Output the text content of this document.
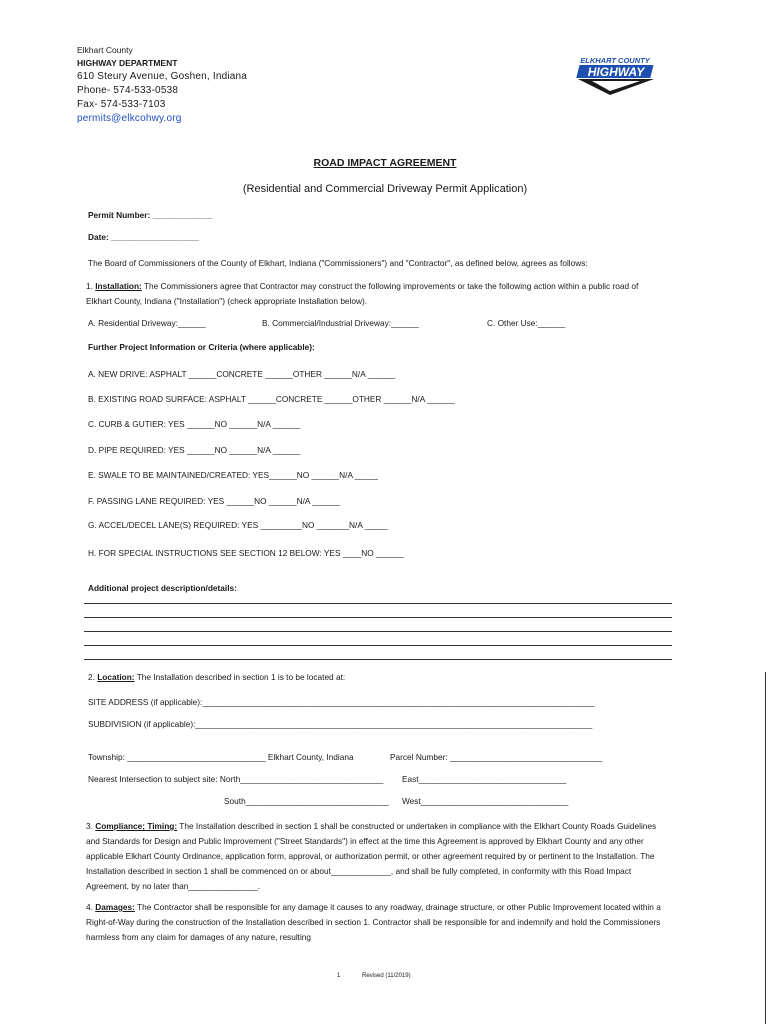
Elkhart County
HIGHWAY DEPARTMENT
610 Steury Avenue, Goshen, Indiana
Phone- 574-533-0538
Fax- 574-533-7103
permits@elkcohwy.org
ELKHART COUNTY
HIGHWAY
ROAD IMPACT AGREEMENT
(Residential and Commercial Driveway Permit Application)
Permit Number: _____________
Date: ___________________
The Board of Commissioners of the County of Elkhart, Indiana ("Commissioners") and "Contractor", as defined below, agrees as follows:
1. Installation: The Commissioners agree that Contractor may construct the following improvements or take the following action within a public road of Elkhart County, Indiana ("Installation") (check appropriate Installation below).
A. Residential Driveway:______	B. Commercial/Industrial Driveway:______	C. Other Use:______
Further Project Information or Criteria (where applicable):
A. NEW DRIVE: ASPHALT ______CONCRETE ______OTHER ______N/A ______
B. EXISTING ROAD SURFACE: ASPHALT ______CONCRETE ______OTHER ______N/A ______
C. CURB & GUTIER: YES ______NO ______N/A ______
D. PIPE REQUIRED: YES ______NO ______N/A ______
E. SWALE TO BE MAINTAINED/CREATED: YES______NO ______N/A _____
F. PASSING LANE REQUIRED: YES ______NO ______N/A ______
G. ACCEL/DECEL LANE(S) REQUIRED: YES _________NO _______N/A _____
H. FOR SPECIAL INSTRUCTIONS SEE SECTION 12 BELOW: YES ____NO ______
Additional project description/details:
2. Location: The Installation described in section 1 is to be located at:
SITE ADDRESS (if applicable):_____________________________________________________________________________________
SUBDIVISION (if applicable):______________________________________________________________________________________
Township: ______________________________ Elkhart County, Indiana	Parcel Number: _________________________________
Nearest Intersection to subject site: North_______________________________ East________________________________
South_______________________________ West________________________________
3. Compliance; Timing: The Installation described in section 1 shall be constructed or undertaken in compliance with the Elkhart County Roads Guidelines and Standards for Design and Public Improvement ("Street Standards") in effect at the time this Agreement is approved by Elkhart County and any other applicable Elkhart County Ordinance, application form, approval, or authorization permit, or other agreement required by or pertinent to the Installation. The Installation described in section 1 shall be commenced on or about_____________, and shall be fully completed, in conformity with this Road Impact Agreement, by no later than_______________.
4. Damages: The Contractor shall be responsible for any damage it causes to any roadway, drainage structure, or other Public Improvement located within a Right-of-Way during the construction of the Installation described in section 1. Contractor shall be responsible for and indemnify and hold the Commissioners harmless from any claim for damages of any nature, resulting
1	Revised (11/2019)
